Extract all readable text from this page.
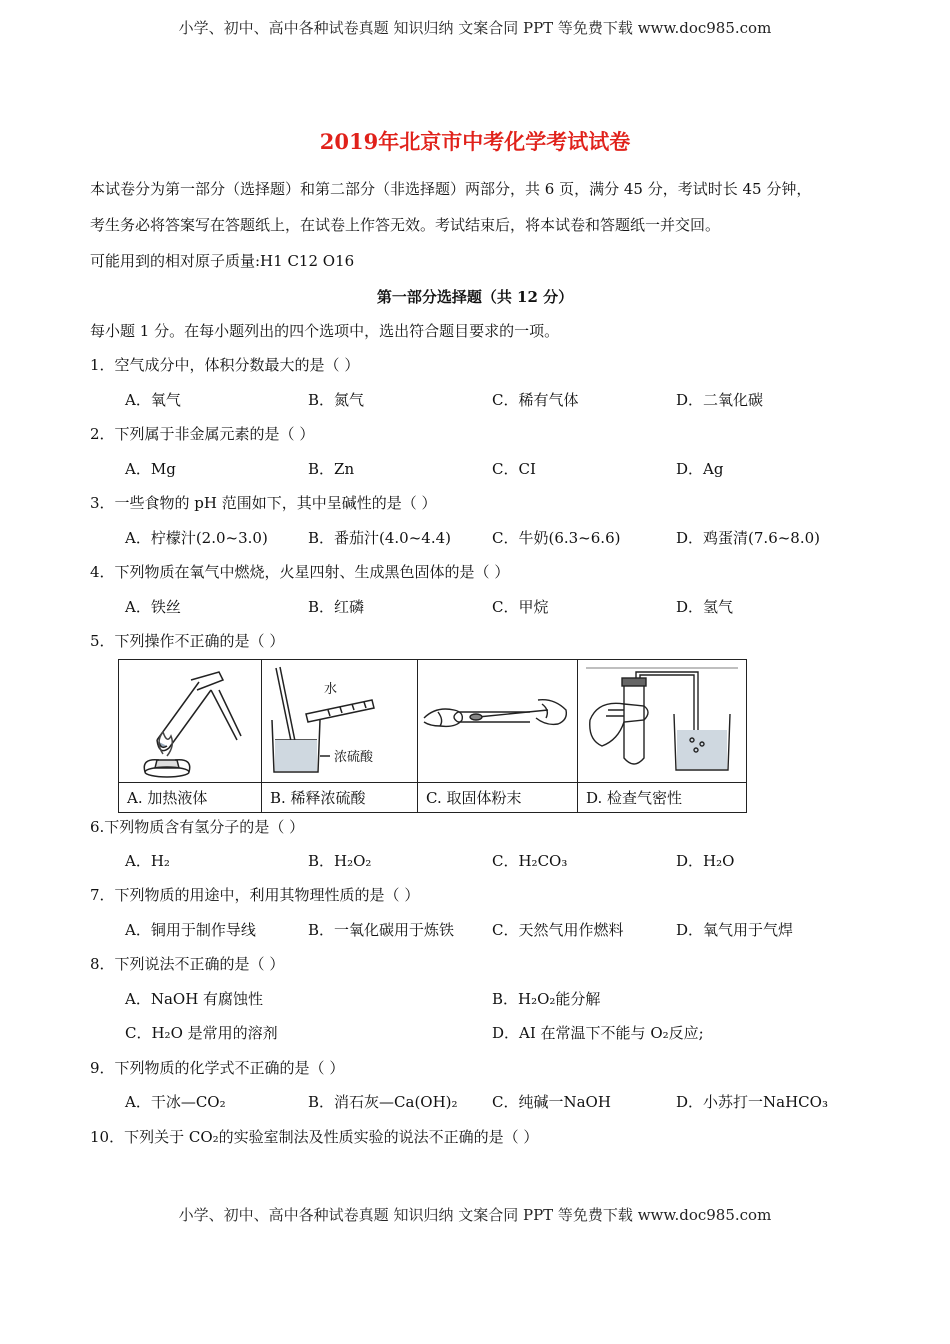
小学、初中、高中各种试卷真题 知识归纳 文案合同 PPT 等免费下载 www.doc985.com
2019年北京市中考化学考试试卷
本试卷分为第一部分（选择题）和第二部分（非选择题）两部分，共 6 页，满分 45 分，考试时长 45 分钟，
考生务必将答案写在答题纸上，在试卷上作答无效。考试结束后，将本试卷和答题纸一并交回。
可能用到的相对原子质量:H1 C12 O16
第一部分选择题（共 12 分）
每小题 1 分。在每小题列出的四个选项中，选出符合题目要求的一项。
1．空气成分中，体积分数最大的是（ ）
A．氧气	B．氮气	C．稀有气体	D．二氧化碳
2．下列属于非金属元素的是（ ）
A．Mg	B．Zn	C．CI	D．Ag
3．一些食物的 pH 范围如下，其中呈碱性的是（ ）
A．柠檬汁(2.0~3.0)	B．番茄汁(4.0~4.4)	C．牛奶(6.3~6.6)	D．鸡蛋清(7.6~8.0)
4．下列物质在氧气中燃烧，火星四射、生成黑色固体的是（ ）
A．铁丝	B．红磷	C．甲烷	D．氢气
5．下列操作不正确的是（ ）

水
浓硫酸

A. 加热液体	B. 稀释浓硫酸	C. 取固体粉末	D. 检查气密性
6.下列物质含有氢分子的是（ ）
A．H₂	B．H₂O₂	C．H₂CO₃	D．H₂O
7．下列物质的用途中，利用其物理性质的是（ ）
A．铜用于制作导线	B．一氧化碳用于炼铁	C．天然气用作燃料	D．氧气用于气焊
8．下列说法不正确的是（ ）
A．NaOH 有腐蚀性	B．H₂O₂能分解
C．H₂O 是常用的溶剂	D．AI 在常温下不能与 O₂反应;
9．下列物质的化学式不正确的是（ ）
A．干冰—CO₂	B．消石灰—Ca(OH)₂ C．纯碱一NaOH	D．小苏打一NaHCO₃
10．下列关于 CO₂的实验室制法及性质实验的说法不正确的是（ ）
小学、初中、高中各种试卷真题 知识归纳 文案合同 PPT 等免费下载 www.doc985.com
